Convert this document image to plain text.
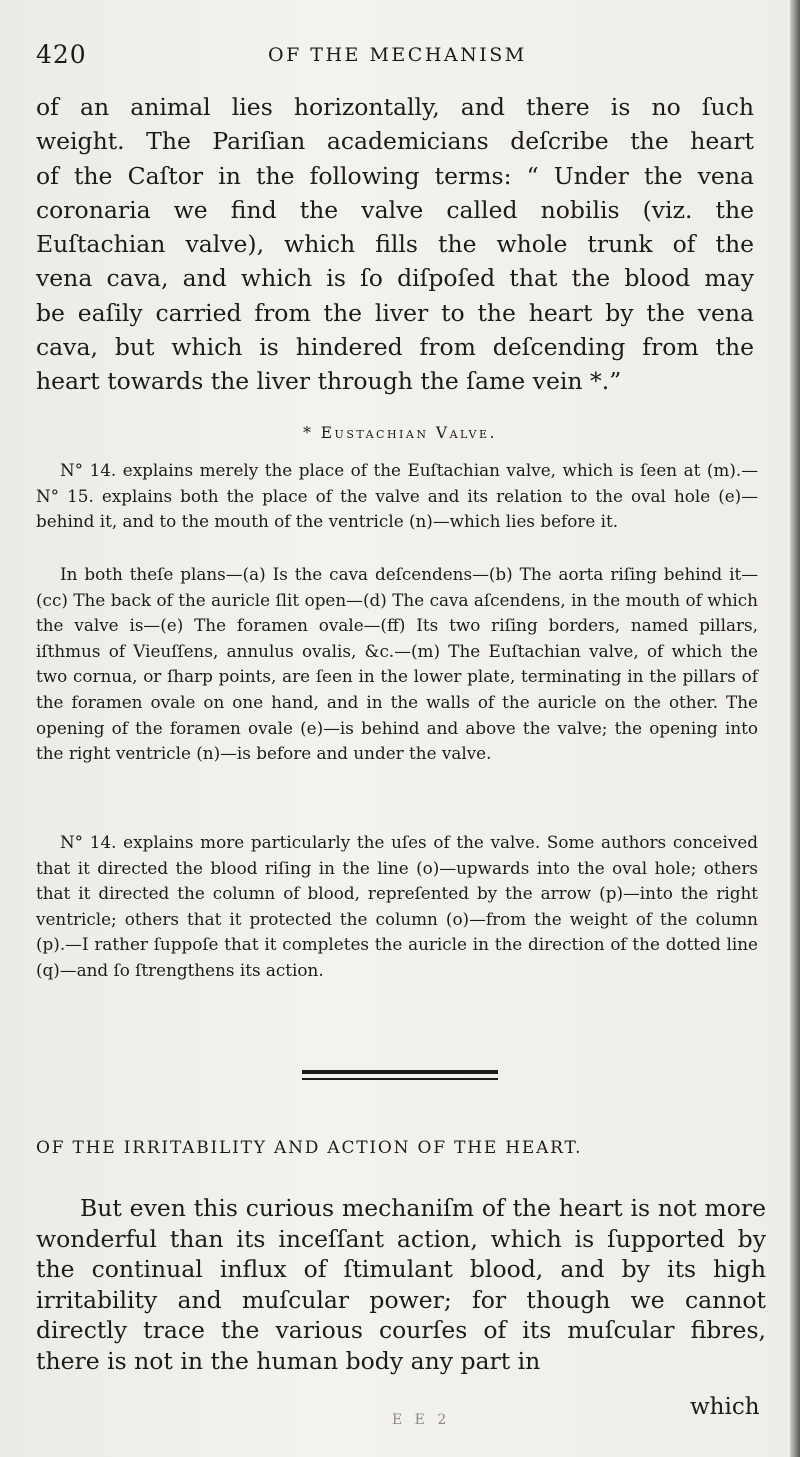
420	OF THE MECHANISM
of an animal lies horizontally, and there is no ſuch
weight. The Pariſian academicians deſcribe the heart
of the Caſtor in the following terms: “ Under the vena
coronaria we find the valve called nobilis (viz. the
Euſtachian valve), which fills the whole trunk of the
vena cava, and which is ſo diſpoſed that the blood may
be eaſily carried from the liver to the heart by the vena
cava, but which is hindered from deſcending from the
heart towards the liver through the ſame vein *.”
* Eustachian Valve.

N° 14. explains merely the place of the Euſtachian valve, which is ſeen at (m).—N° 15. explains both the place of the valve and its relation to the oval hole (e)—behind it, and to the mouth of the ventricle (n)—which lies before it.

In both theſe plans—(a) Is the cava deſcendens—(b) The aorta riſing behind it—(cc) The back of the auricle ſlit open—(d) The cava aſcendens, in the mouth of which the valve is—(e) The foramen ovale—(ff) Its two riſing borders, named pillars, iſthmus of Vieuſſens, annulus ovalis, &c.—(m) The Euſtachian valve, of which the two cornua, or ſharp points, are ſeen in the lower plate, terminating in the pillars of the foramen ovale on one hand, and in the walls of the auricle on the other. The opening of the foramen ovale (e)—is behind and above the valve; the opening into the right ventricle (n)—is before and under the valve.

N° 14. explains more particularly the uſes of the valve. Some authors conceived that it directed the blood riſing in the line (o)—upwards into the oval hole; others that it directed the column of blood, repreſented by the arrow (p)—into the right ventricle; others that it protected the column (o)—from the weight of the column (p).—I rather ſuppoſe that it completes the auricle in the direction of the dotted line (q)—and ſo ſtrengthens its action.

OF THE IRRITABILITY AND ACTION OF THE HEART.

But even this curious mechaniſm of the heart is not more wonderful than its inceſſant action, which is ſupported by the continual influx of ſtimulant blood, and by its high irritability and muſcular power; for though we cannot directly trace the various courſes of its muſcular fibres, there is not in the human body any part in

E E 2	which
